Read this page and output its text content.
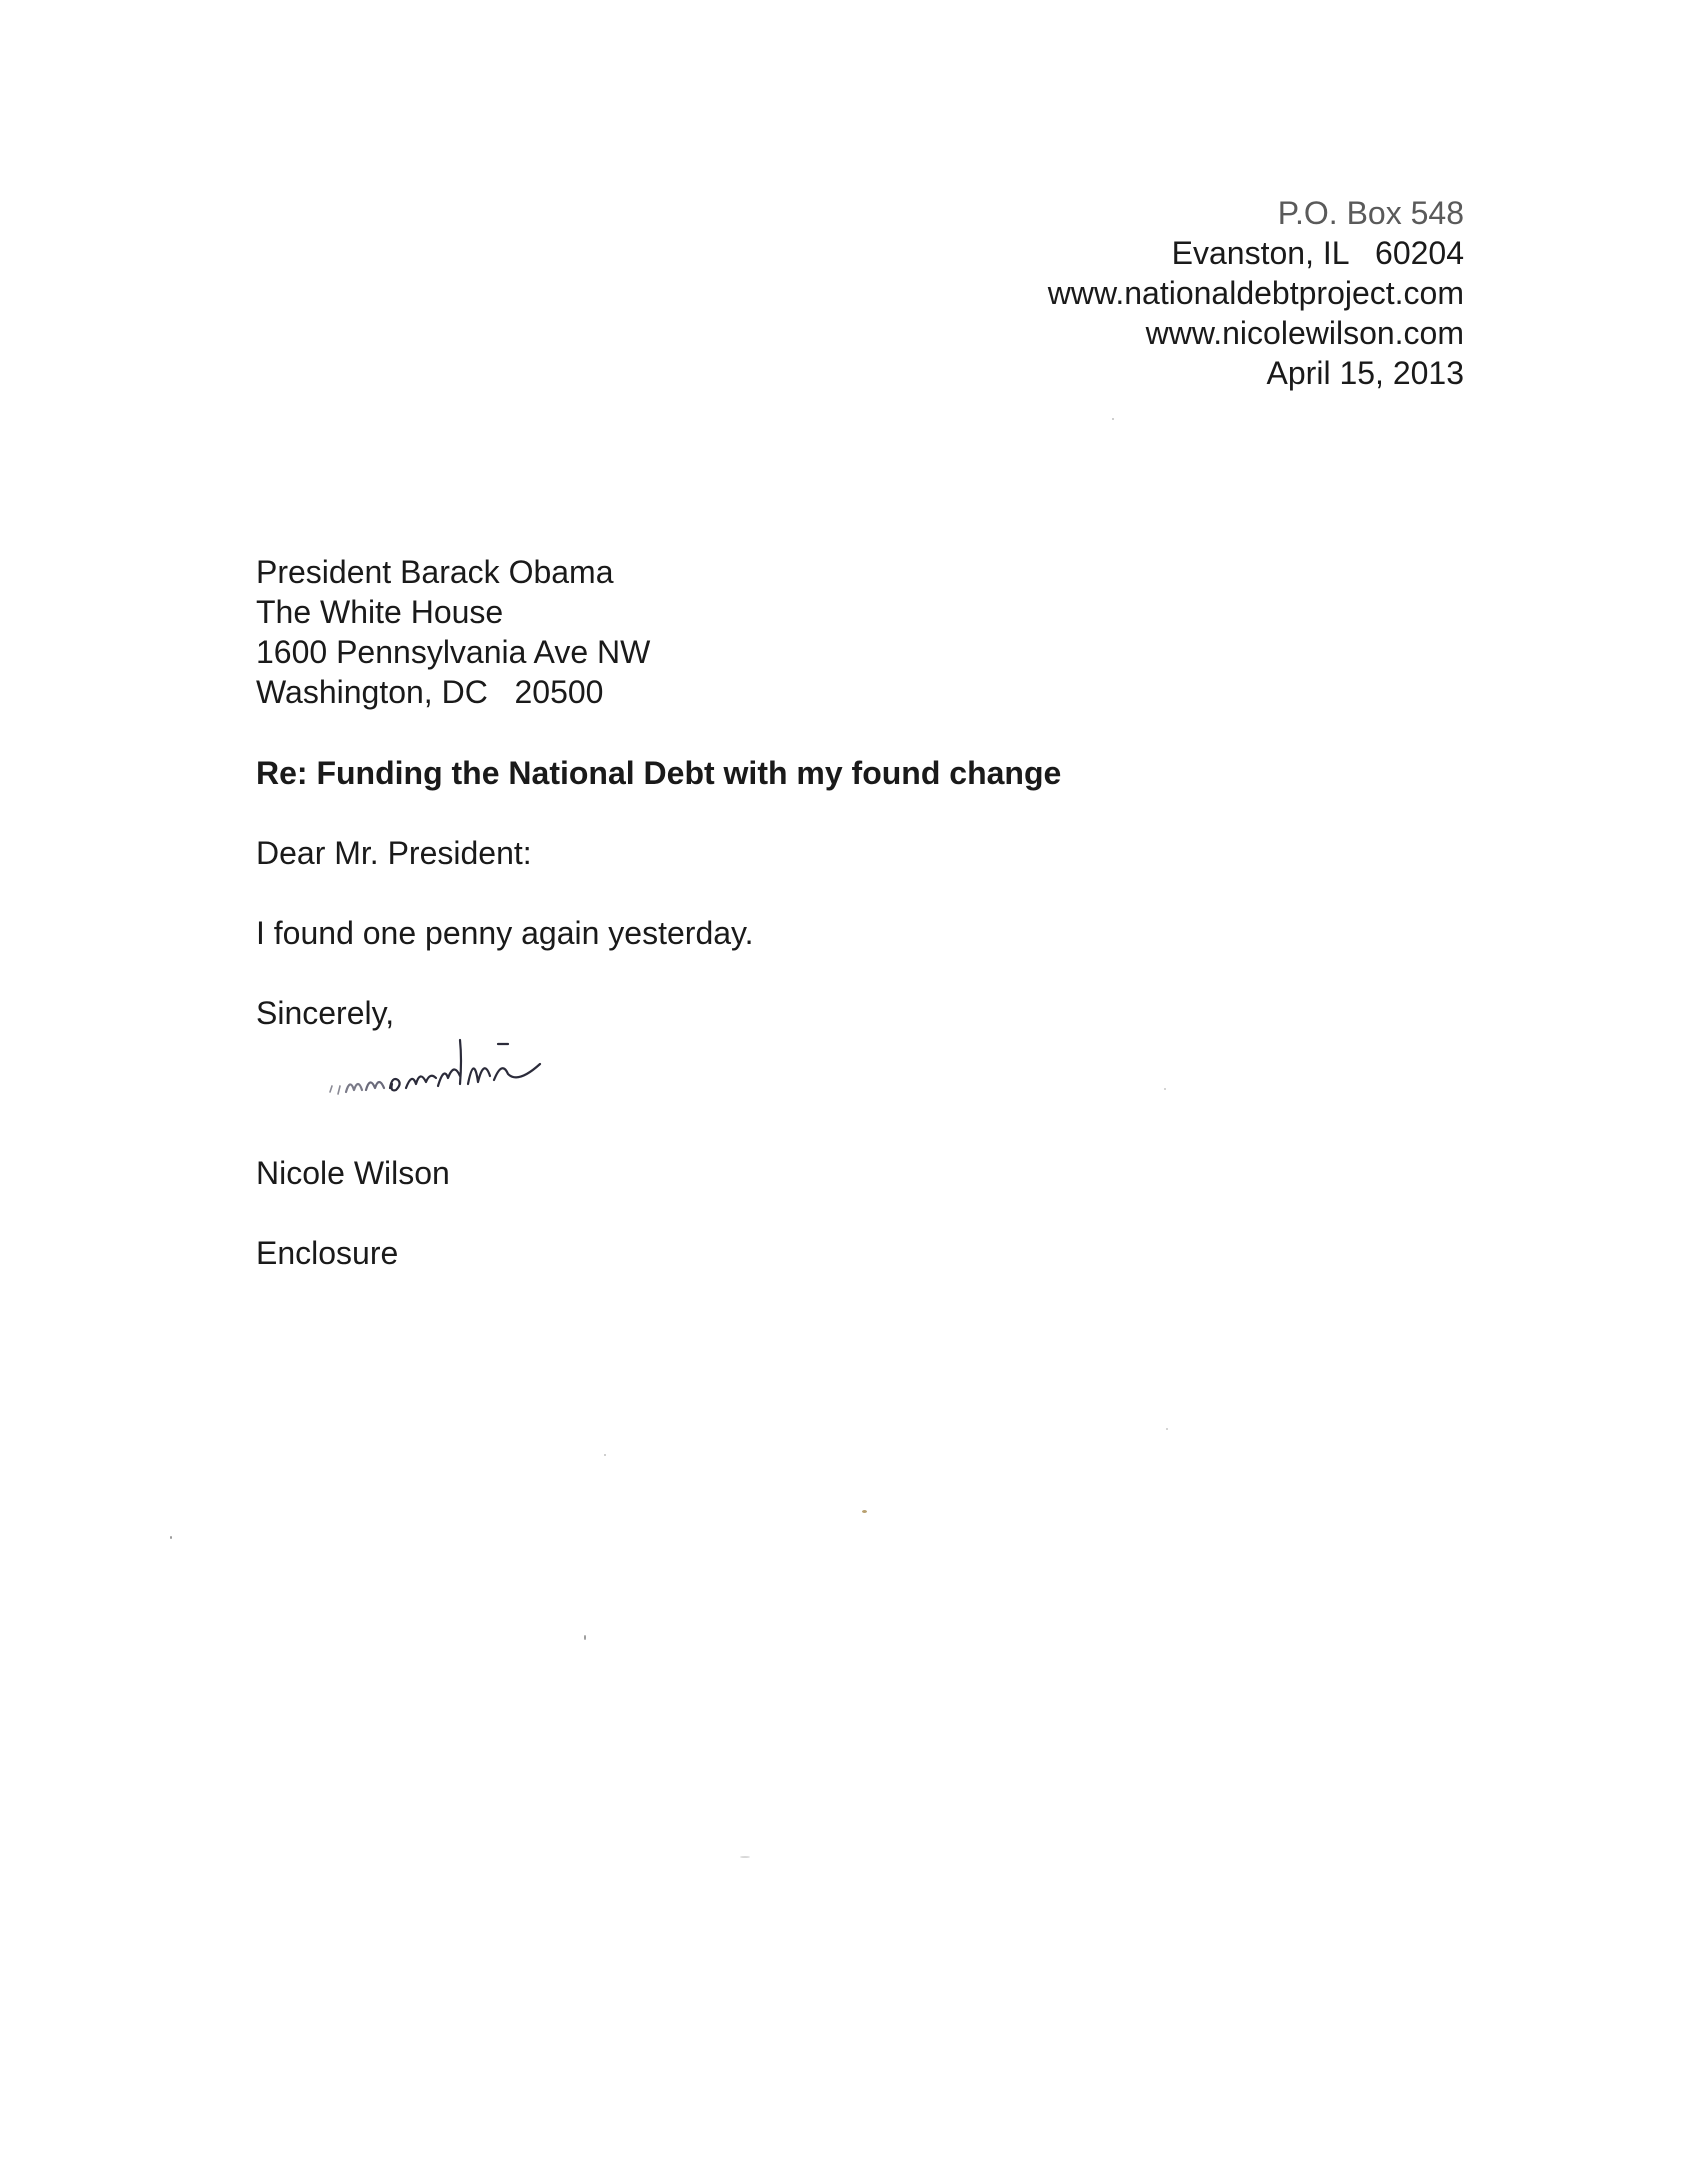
P.O. Box 548
Evanston, IL   60204
www.nationaldebtproject.com
www.nicolewilson.com
April 15, 2013
President Barack Obama
The White House
1600 Pennsylvania Ave NW
Washington, DC   20500
Re: Funding the National Debt with my found change
Dear Mr. President:
I found one penny again yesterday.
Sincerely,
Nicole Wilson
Enclosure
